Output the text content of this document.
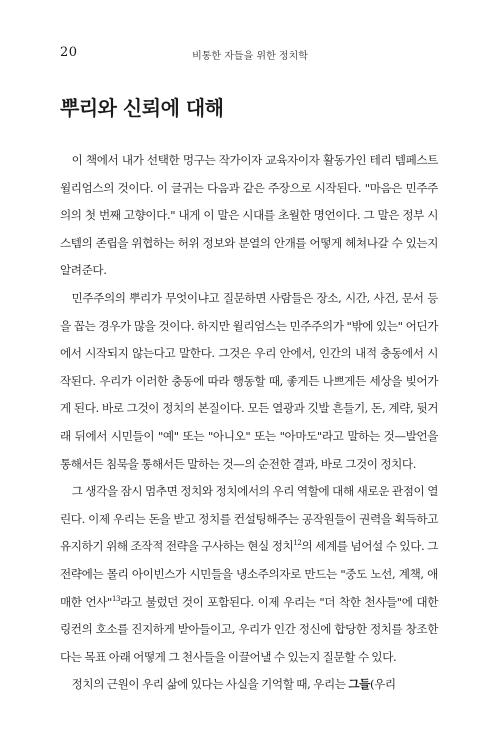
20	비통한 자들을 위한 정치학
뿌리와 신뢰에 대해

이 책에서 내가 선택한 멍구는 작가이자 교육자이자 활동가인 테리 템페스트 윌리엄스의 것이다. 이 글귀는 다음과 같은 주장으로 시작된다. "마음은 민주주의의 첫 번째 고향이다." 내게 이 말은 시대를 초월한 명언이다. 그 말은 정부 시스템의 존립을 위협하는 허위 정보와 분열의 안개를 어떻게 헤쳐나갈 수 있는지 알려준다.

민주주의의 뿌리가 무엇이냐고 질문하면 사람들은 장소, 시간, 사건, 문서 등을 꼽는 경우가 많을 것이다. 하지만 윌리엄스는 민주주의가 "밖에 있는" 어딘가에서 시작되지 않는다고 말한다. 그것은 우리 안에서, 인간의 내적 충동에서 시작된다. 우리가 이러한 충동에 따라 행동할 때, 좋게든 나쁘게든 세상을 빚어가게 된다. 바로 그것이 정치의 본질이다. 모든 열광과 깃발 흔들기, 돈, 계략, 뒷거래 뒤에서 시민들이 "예" 또는 "아니오" 또는 "아마도"라고 말하는 것—발언을 통해서든 침묵을 통해서든 말하는 것—의 순전한 결과, 바로 그것이 정치다.

그 생각을 잠시 멈추면 정치와 정치에서의 우리 역할에 대해 새로운 관점이 열린다. 이제 우리는 돈을 받고 정치를 컨설팅해주는 공작원들이 권력을 획득하고 유지하기 위해 조작적 전략을 구사하는 현실 정치$^{12}$의 세계를 넘어설 수 있다. 그 전략에는 몰리 아이빈스가 시민들을 냉소주의자로 만드는 "중도 노선, 계책, 애매한 언사"$^{13}$라고 불렀던 것이 포함된다. 이제 우리는 "더 착한 천사들"에 대한 링컨의 호소를 진지하게 받아들이고, 우리가 인간 정신에 합당한 정치를 창조한다는 목표 아래 어떻게 그 천사들을 이끌어낼 수 있는지 질문할 수 있다.

정치의 근원이 우리 삶에 있다는 사실을 기억할 때, 우리는 그들(우리
